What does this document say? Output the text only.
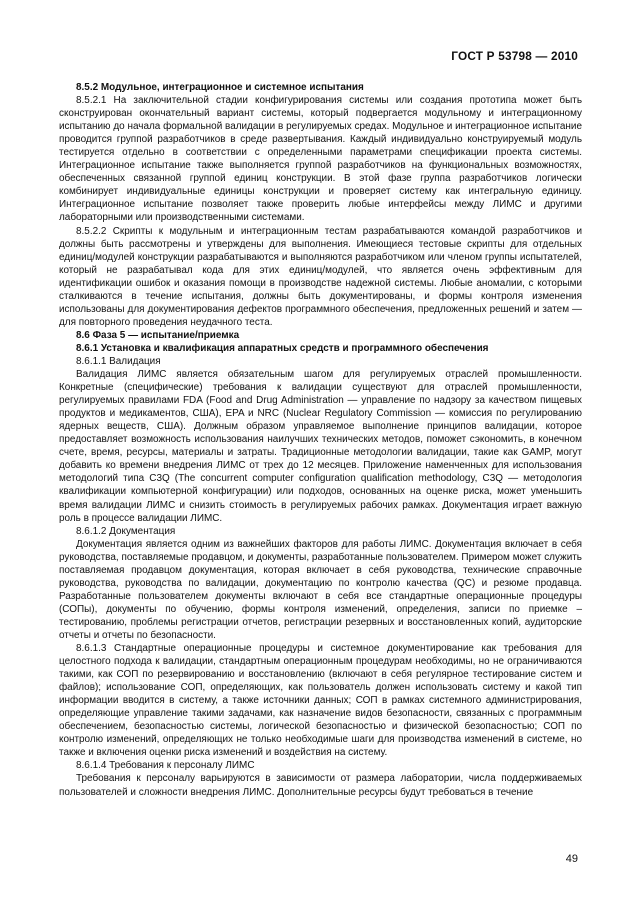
ГОСТ Р 53798 — 2010

8.5.2 Модульное, интеграционное и системное испытания

8.5.2.1 На заключительной стадии конфигурирования системы или создания прототипа может быть сконструирован окончательный вариант системы, который подвергается модульному и интеграционному испытанию до начала формальной валидации в регулируемых средах. Модульное и интеграционное испытание проводится группой разработчиков в среде развертывания. Каждый индивидуально конструируемый модуль тестируется отдельно в соответствии с определенными параметрами спецификации проекта системы. Интеграционное испытание также выполняется группой разработчиков на функциональных возможностях, обеспеченных связанной группой единиц конструкции. В этой фазе группа разработчиков логически комбинирует индивидуальные единицы конструкции и проверяет систему как интегральную единицу. Интеграционное испытание позволяет также проверить любые интерфейсы между ЛИМС и другими лабораторными или производственными системами.

8.5.2.2 Скрипты к модульным и интеграционным тестам разрабатываются командой разработчиков и должны быть рассмотрены и утверждены для выполнения. Имеющиеся тестовые скрипты для отдельных единиц/модулей конструкции разрабатываются и выполняются разработчиком или членом группы испытателей, который не разрабатывал кода для этих единиц/модулей, что является очень эффективным для идентификации ошибок и оказания помощи в производстве надежной системы. Любые аномалии, с которыми сталкиваются в течение испытания, должны быть документированы, и формы контроля изменения использованы для документирования дефектов программного обеспечения, предложенных решений и затем — для повторного проведения неудачного теста.

8.6 Фаза 5 — испытание/приемка

8.6.1 Установка и квалификация аппаратных средств и программного обеспечения

8.6.1.1 Валидация

Валидация ЛИМС является обязательным шагом для регулируемых отраслей промышленности. Конкретные (специфические) требования к валидации существуют для отраслей промышленности, регулируемых правилами FDA (Food and Drug Administration — управление по надзору за качеством пищевых продуктов и медикаментов, США), EPA и NRC (Nuclear Regulatory Commission — комиссия по регулированию ядерных веществ, США). Должным образом управляемое выполнение принципов валидации, которое предоставляет возможность использования наилучших технических методов, поможет сэкономить, в конечном счете, время, ресурсы, материалы и затраты. Традиционные методологии валидации, такие как GAMP, могут добавить ко времени внедрения ЛИМС от трех до 12 месяцев. Приложение наменченных для использования методологий типа C3Q (The concurrent computer configuration qualification methodology, C3Q — методология квалификации компьютерной конфигурации) или подходов, основанных на оценке риска, может уменьшить время валидации ЛИМС и снизить стоимость в регулируемых рабочих рамках. Документация играет важную роль в процессе валидации ЛИМС.

8.6.1.2 Документация

Документация является одним из важнейших факторов для работы ЛИМС. Документация включает в себя руководства, поставляемые продавцом, и документы, разработанные пользователем. Примером может служить поставляемая продавцом документация, которая включает в себя руководства, технические справочные руководства, руководства по валидации, документацию по контролю качества (QC) и резюме продавца. Разработанные пользователем документы включают в себя все стандартные операционные процедуры (СОПы), документы по обучению, формы контроля изменений, определения, записи по приемке – тестированию, проблемы регистрации отчетов, регистрации резервных и восстановленных копий, аудиторские отчеты и отчеты по безопасности.

8.6.1.3 Стандартные операционные процедуры и системное документирование как требования для целостного подхода к валидации, стандартным операционным процедурам необходимы, но не ограничиваются такими, как СОП по резервированию и восстановлению (включают в себя регулярное тестирование систем и файлов); использование СОП, определяющих, как пользователь должен использовать систему и какой тип информации вводится в систему, а также источники данных; СОП в рамках системного администрирования, определяющие управление такими задачами, как назначение видов безопасности, связанных с программным обеспечением, безопасностью системы, логической безопасностью и физической безопасностью; СОП по контролю изменений, определяющих не только необходимые шаги для производства изменений в системе, но также и включения оценки риска изменений и воздействия на систему.

8.6.1.4 Требования к персоналу ЛИМС

Требования к персоналу варьируются в зависимости от размера лаборатории, числа поддерживаемых пользователей и сложности внедрения ЛИМС. Дополнительные ресурсы будут требоваться в течение

49
